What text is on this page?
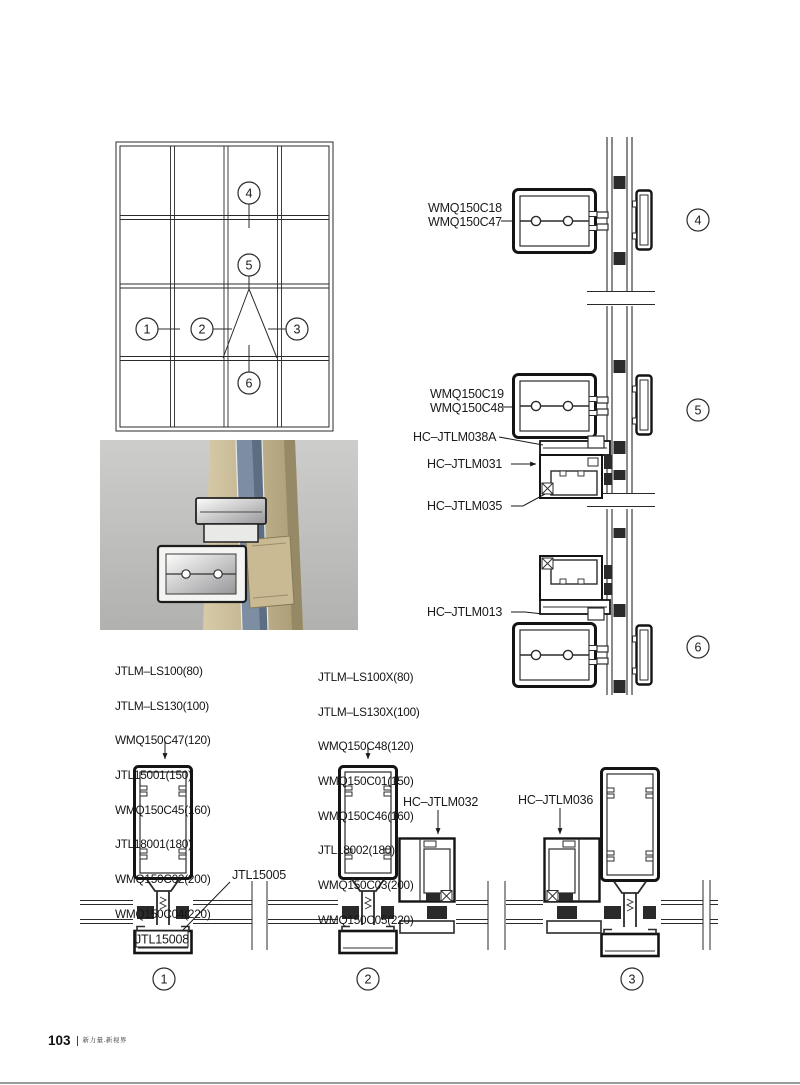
1	2	3
4
5
6
WMQ150C18
WMQ150C47
WMQ150C19
WMQ150C48
HC–JTLM038A
HC–JTLM031
HC–JTLM035
HC–JTLM013
4
5
6
JTL15008
JTL15005
HC–JTLM032	HC–JTLM036
1	2	3

JTLM–LS100(80)

JTLM–LS130(100)

WMQ150C47(120)

JTL15001(150)

WMQ150C45(160)

JTL18001(180)

WMQ150C02(200)

WMQ150C04(220)

JTLM–LS100X(80)

JTLM–LS130X(100)

WMQ150C48(120)

WMQ150C01(150)

WMQ150C46(160)

JTL18002(180)

WMQ150C03(200)

WMQ150C05(220)

103	新力量.新视界
